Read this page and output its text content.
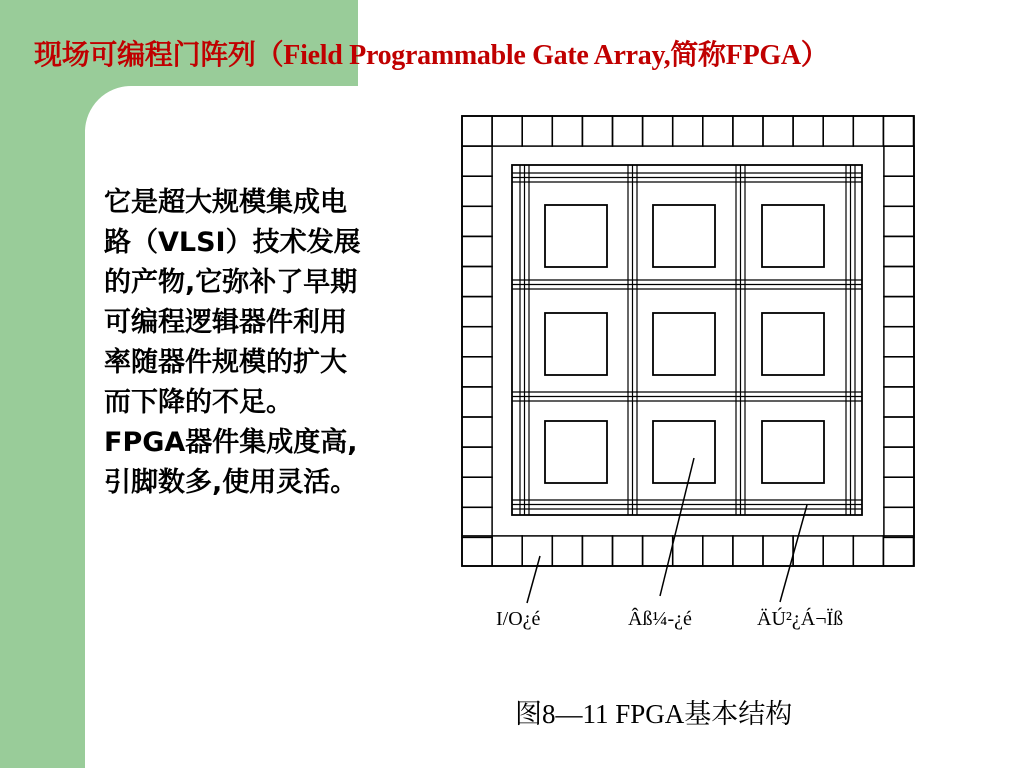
现场可编程门阵列（Field Programmable Gate Array,简称FPGA）
它是超大规模集成电
路（VLSI）技术发展
的产物,它弥补了早期
可编程逻辑器件利用
率随器件规模的扩大
而下降的不足。
FPGA器件集成度高,
引脚数多,使用灵活。
I/O¿é	Âß¼-¿é	ÄÚ²¿Á¬Ïß
图8—11 FPGA基本结构
